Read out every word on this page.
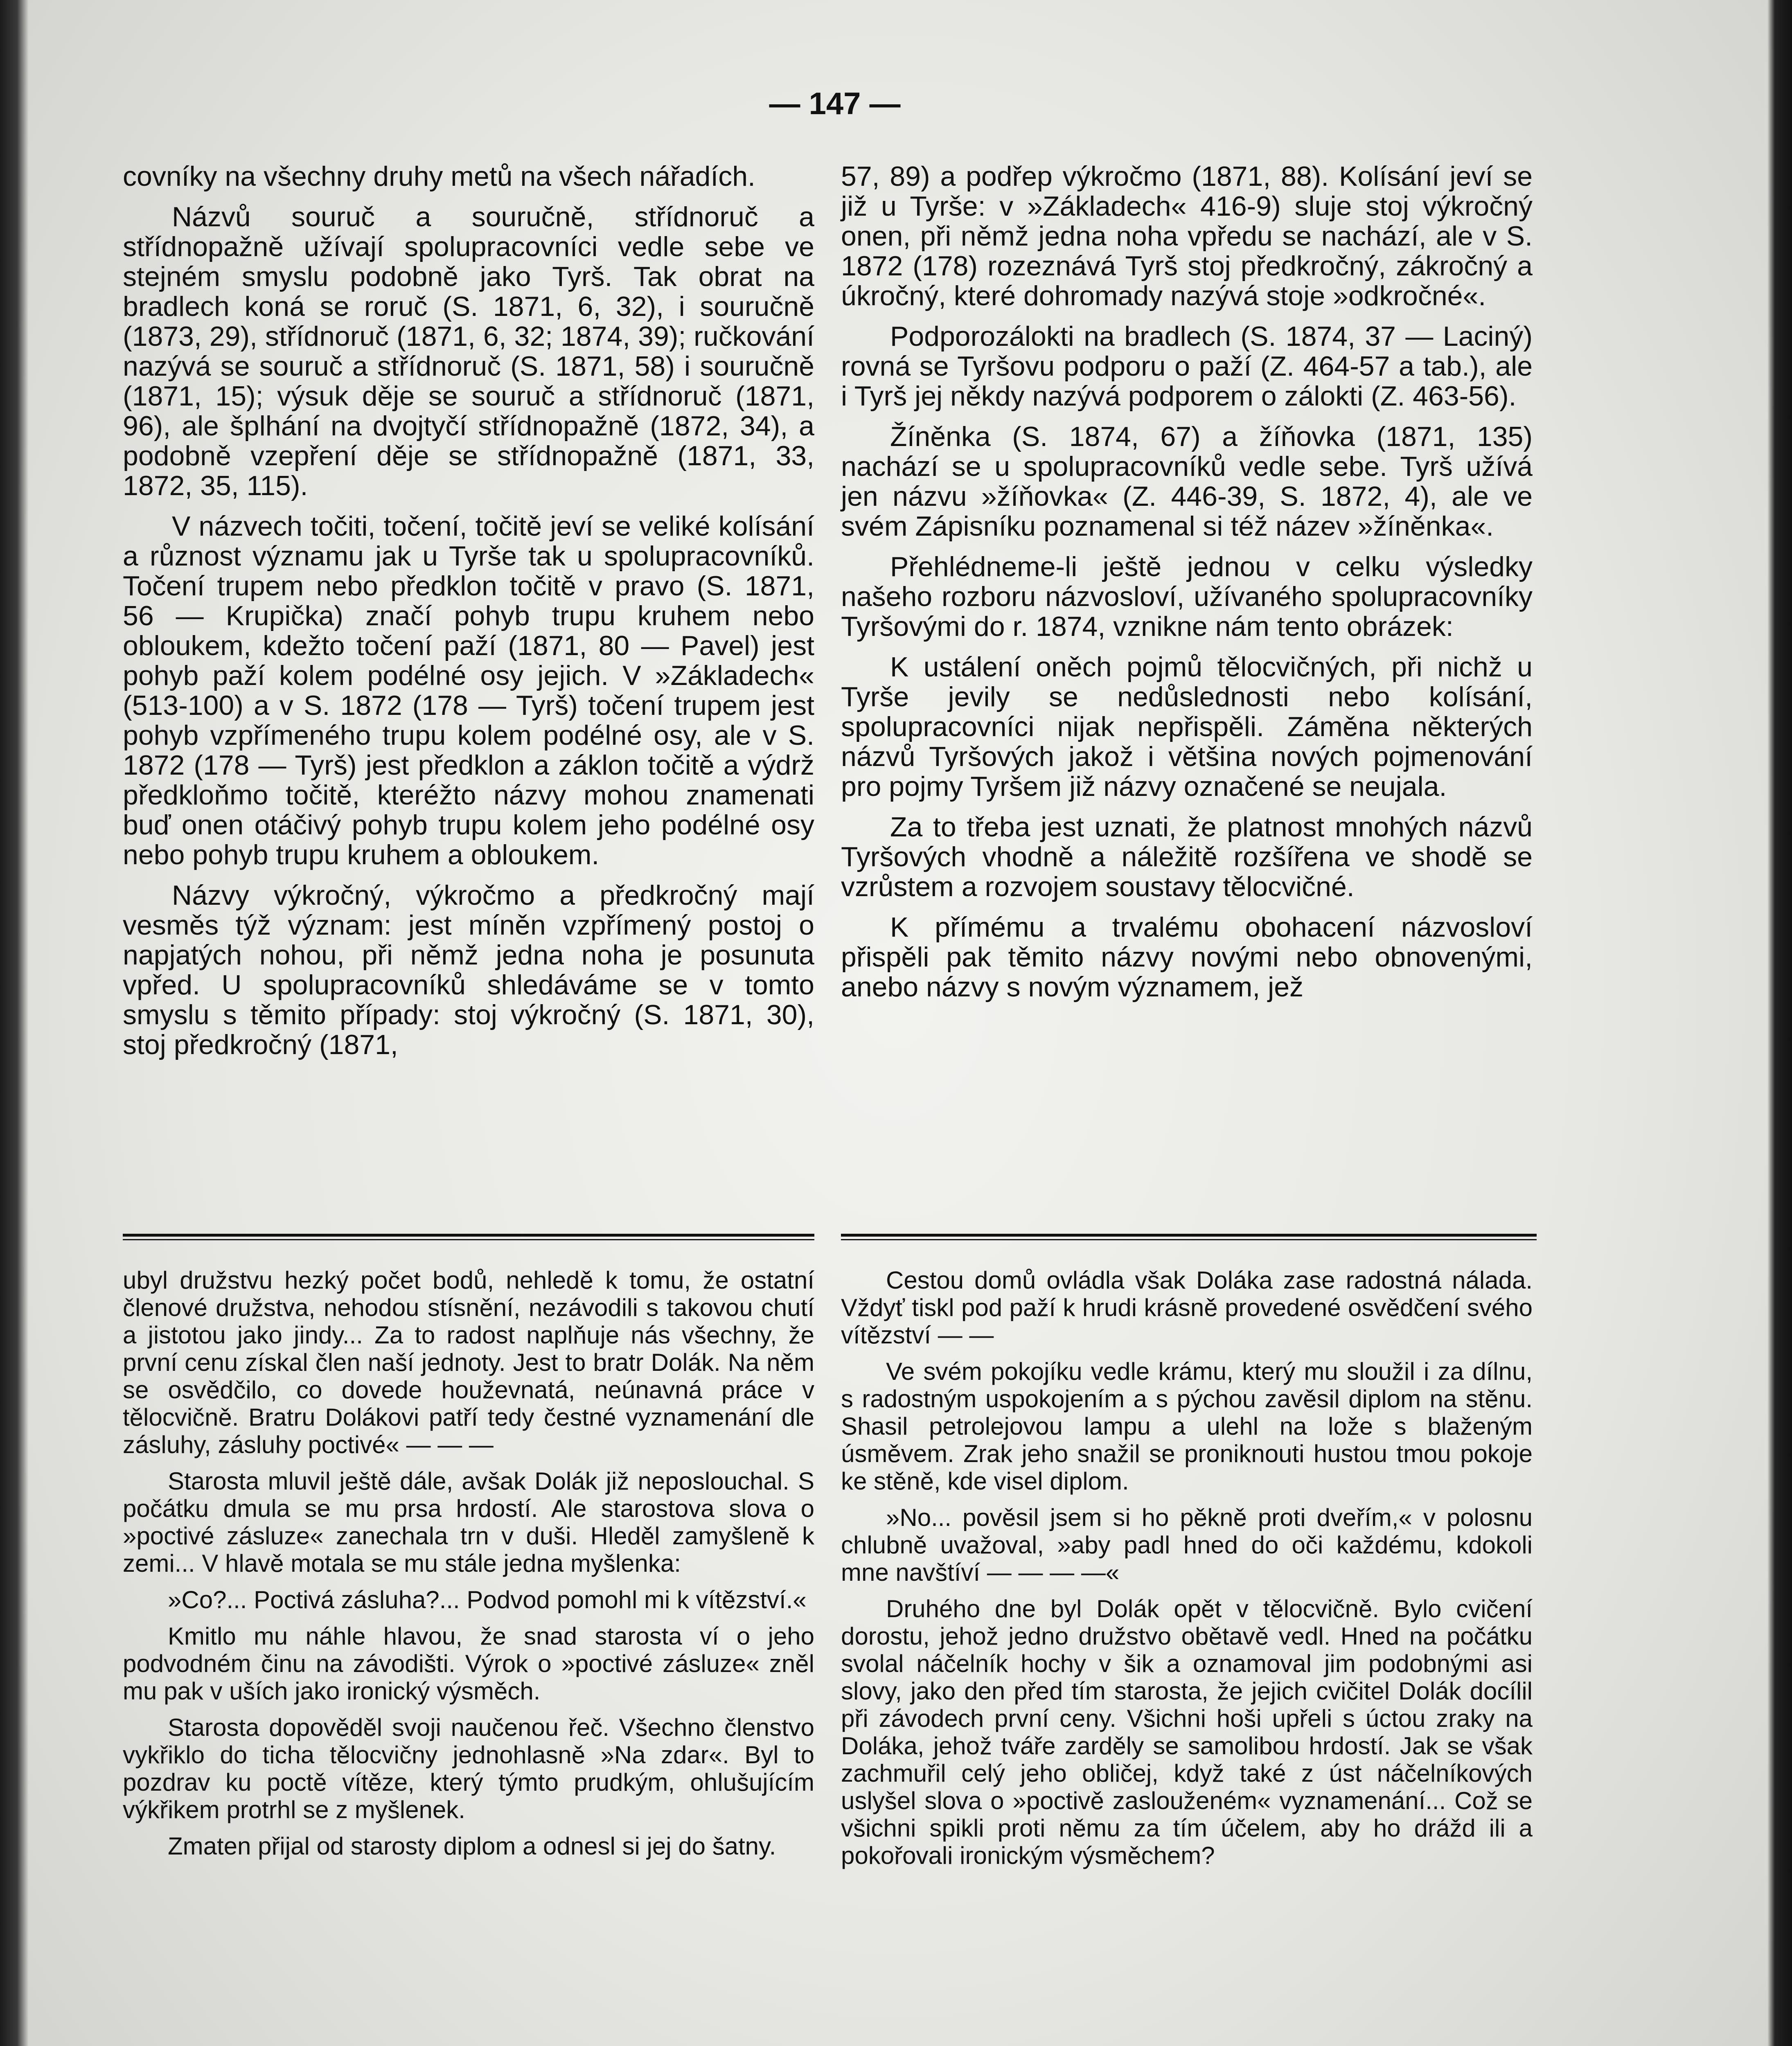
— 147 —

covníky na všechny druhy metů na všech nářadích.

Názvů souruč a souručně, střídnoruč a střídnopažně užívají spolupracovníci vedle sebe ve stejném smyslu podobně jako Tyrš. Tak obrat na bradlech koná se roruč (S. 1871, 6, 32), i souručně (1873, 29), střídnoruč (1871, 6, 32; 1874, 39); ručkování nazývá se souruč a střídnoruč (S. 1871, 58) i souručně (1871, 15); výsuk děje se souruč a střídnoruč (1871, 96), ale šplhání na dvojtyčí střídnopažně (1872, 34), a podobně vzepření děje se střídnopažně (1871, 33, 1872, 35, 115).

V názvech točiti, točení, točitě jeví se veliké kolísání a různost významu jak u Tyrše tak u spolupracovníků. Točení trupem nebo předklon točitě v pravo (S. 1871, 56 — Krupička) značí pohyb trupu kruhem nebo obloukem, kdežto točení paží (1871, 80 — Pavel) jest pohyb paží kolem podélné osy jejich. V »Základech« (513-100) a v S. 1872 (178 — Tyrš) točení trupem jest pohyb vzpřímeného trupu kolem podélné osy, ale v S. 1872 (178 — Tyrš) jest předklon a záklon točitě a výdrž předkloňmo točitě, kteréžto názvy mohou znamenati buď onen otáčivý pohyb trupu kolem jeho podélné osy nebo pohyb trupu kruhem a obloukem.

Názvy výkročný, výkročmo a předkročný mají vesměs týž význam: jest míněn vzpřímený postoj o napjatých nohou, při němž jedna noha je posunuta vpřed. U spolupracovníků shledáváme se v tomto smyslu s těmito případy: stoj výkročný (S. 1871, 30), stoj předkročný (1871,

57, 89) a podřep výkročmo (1871, 88). Kolísání jeví se již u Tyrše: v »Základech« 416-9) sluje stoj výkročný onen, při němž jedna noha vpředu se nachází, ale v S. 1872 (178) rozeznává Tyrš stoj předkročný, zákročný a úkročný, které dohromady nazývá stoje »odkročné«.

Podporozálokti na bradlech (S. 1874, 37 — Laciný) rovná se Tyršovu podporu o paží (Z. 464-57 a tab.), ale i Tyrš jej někdy nazývá podporem o zálokti (Z. 463-56).

Žíněnka (S. 1874, 67) a žíňovka (1871, 135) nachází se u spolupracovníků vedle sebe. Tyrš užívá jen názvu »žíňovka« (Z. 446-39, S. 1872, 4), ale ve svém Zápisníku poznamenal si též název »žíněnka«.

Přehlédneme-li ještě jednou v celku výsledky našeho rozboru názvosloví, užívaného spolupracovníky Tyršovými do r. 1874, vznikne nám tento obrázek:

K ustálení oněch pojmů tělocvičných, při nichž u Tyrše jevily se nedůslednosti nebo kolísání, spolupracovníci nijak nepřispěli. Záměna některých názvů Tyršových jakož i většina nových pojmenování pro pojmy Tyršem již názvy označené se neujala.

Za to třeba jest uznati, že platnost mnohých názvů Tyršových vhodně a náležitě rozšířena ve shodě se vzrůstem a rozvojem soustavy tělocvičné.

K přímému a trvalému obohacení názvosloví přispěli pak těmito názvy novými nebo obnovenými, anebo názvy s novým významem, jež

ubyl družstvu hezký počet bodů, nehledě k tomu, že ostatní členové družstva, nehodou stísnění, nezávodili s takovou chutí a jistotou jako jindy... Za to radost naplňuje nás všechny, že první cenu získal člen naší jednoty. Jest to bratr Dolák. Na něm se osvědčilo, co dovede houževnatá, neúnavná práce v tělocvičně. Bratru Dolákovi patří tedy čestné vyznamenání dle zásluhy, zásluhy poctivé« — — —

Starosta mluvil ještě dále, avšak Dolák již neposlouchal. S počátku dmula se mu prsa hrdostí. Ale starostova slova o »poctivé zásluze« zanechala trn v duši. Hleděl zamyšleně k zemi... V hlavě motala se mu stále jedna myšlenka:

»Co?... Poctivá zásluha?... Podvod pomohl mi k vítězství.«

Kmitlo mu náhle hlavou, že snad starosta ví o jeho podvodném činu na závodišti. Výrok o »poctivé zásluze« zněl mu pak v uších jako ironický výsměch.

Starosta dopověděl svoji naučenou řeč. Všechno členstvo vykřiklo do ticha tělocvičny jednohlasně »Na zdar«. Byl to pozdrav ku poctě vítěze, který týmto prudkým, ohlušujícím výkřikem protrhl se z myšlenek.

Zmaten přijal od starosty diplom a odnesl si jej do šatny.

Cestou domů ovládla však Doláka zase radostná nálada. Vždyť tiskl pod paží k hrudi krásně provedené osvědčení svého vítězství — —

Ve svém pokojíku vedle krámu, který mu sloužil i za dílnu, s radostným uspokojením a s pýchou zavěsil diplom na stěnu. Shasil petrolejovou lampu a ulehl na lože s blaženým úsměvem. Zrak jeho snažil se proniknouti hustou tmou pokoje ke stěně, kde visel diplom.

»No... pověsil jsem si ho pěkně proti dveřím,« v polosnu chlubně uvažoval, »aby padl hned do oči každému, kdokoli mne navštíví — — — —«

Druhého dne byl Dolák opět v tělocvičně. Bylo cvičení dorostu, jehož jedno družstvo obětavě vedl. Hned na počátku svolal náčelník hochy v šik a oznamoval jim podobnými asi slovy, jako den před tím starosta, že jejich cvičitel Dolák docílil při závodech první ceny. Všichni hoši upřeli s úctou zraky na Doláka, jehož tváře zarděly se samolibou hrdostí. Jak se však zachmuřil celý jeho obličej, když také z úst náčelníkových uslyšel slova o »poctivě zaslouženém« vyznamenání... Což se všichni spikli proti němu za tím účelem, aby ho drážd ili a pokořovali ironickým výsměchem?
